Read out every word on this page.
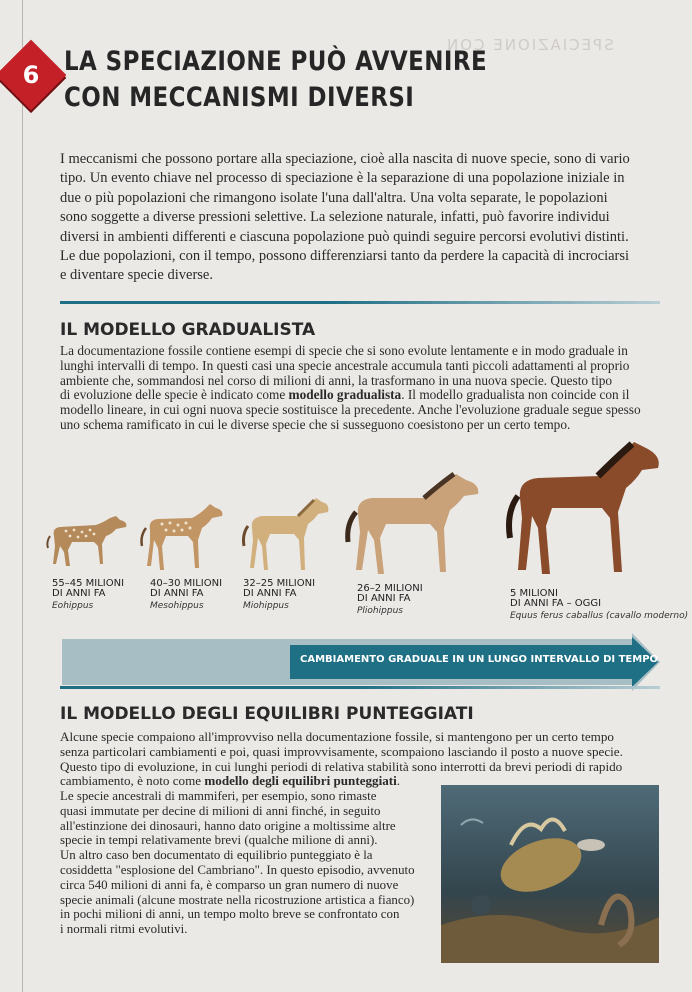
6 LA SPECIAZIONE PUÒ AVVENIRE
CON MECCANISMI DIVERSI
SPECIAZIONE CON
I meccanismi che possono portare alla speciazione, cioè alla nascita di nuove specie, sono di vario
tipo. Un evento chiave nel processo di speciazione è la separazione di una popolazione iniziale in
due o più popolazioni che rimangono isolate l'una dall'altra. Una volta separate, le popolazioni
sono soggette a diverse pressioni selettive. La selezione naturale, infatti, può favorire individui
diversi in ambienti differenti e ciascuna popolazione può quindi seguire percorsi evolutivi distinti.
Le due popolazioni, con il tempo, possono differenziarsi tanto da perdere la capacità di incrociarsi
e diventare specie diverse.
IL MODELLO GRADUALISTA
La documentazione fossile contiene esempi di specie che si sono evolute lentamente e in modo graduale in
lunghi intervalli di tempo. In questi casi una specie ancestrale accumula tanti piccoli adattamenti al proprio
ambiente che, sommandosi nel corso di milioni di anni, la trasformano in una nuova specie. Questo tipo
di evoluzione delle specie è indicato come modello gradualista. Il modello gradualista non coincide con il
modello lineare, in cui ogni nuova specie sostituisce la precedente. Anche l'evoluzione graduale segue spesso
uno schema ramificato in cui le diverse specie che si susseguono coesistono per un certo tempo.
55–45 MILIONI
DI ANNI FA
Eohippus
40–30 MILIONI
DI ANNI FA
Mesohippus
32–25 MILIONI
DI ANNI FA
Miohippus
26–2 MILIONI
DI ANNI FA
Pliohippus
5 MILIONI
DI ANNI FA – OGGI
Equus ferus caballus (cavallo moderno)
CAMBIAMENTO GRADUALE IN UN LUNGO INTERVALLO DI TEMPO
IL MODELLO DEGLI EQUILIBRI PUNTEGGIATI
Alcune specie compaiono all'improvviso nella documentazione fossile, si mantengono per un certo tempo
senza particolari cambiamenti e poi, quasi improvvisamente, scompaiono lasciando il posto a nuove specie.
Questo tipo di evoluzione, in cui lunghi periodi di relativa stabilità sono interrotti da brevi periodi di rapido
cambiamento, è noto come modello degli equilibri punteggiati.
Le specie ancestrali di mammiferi, per esempio, sono rimaste
quasi immutate per decine di milioni di anni finché, in seguito
all'estinzione dei dinosauri, hanno dato origine a moltissime altre
specie in tempi relativamente brevi (qualche milione di anni).
Un altro caso ben documentato di equilibrio punteggiato è la
cosiddetta "esplosione del Cambriano". In questo episodio, avvenuto
circa 540 milioni di anni fa, è comparso un gran numero di nuove
specie animali (alcune mostrate nella ricostruzione artistica a fianco)
in pochi milioni di anni, un tempo molto breve se confrontato con
i normali ritmi evolutivi.
